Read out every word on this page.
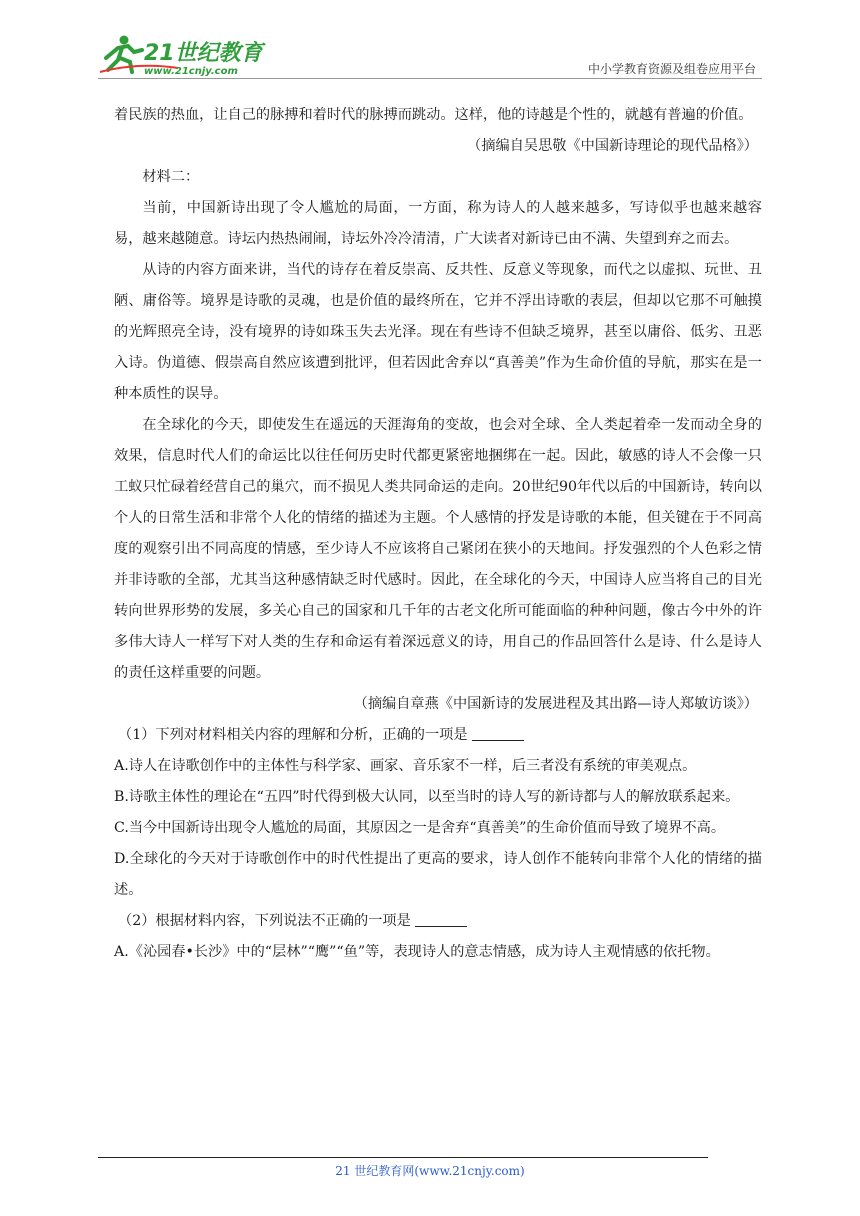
21世纪教育
www.21cnjy.com	中小学教育资源及组卷应用平台

着民族的热血，让自己的脉搏和着时代的脉搏而跳动。这样，他的诗越是个性的，就越有普遍的价值。

（摘编自吴思敬《中国新诗理论的现代品格》）

材料二：

当前，中国新诗出现了令人尴尬的局面，一方面，称为诗人的人越来越多，写诗似乎也越来越容易，越来越随意。诗坛内热热闹闹，诗坛外冷冷清清，广大读者对新诗已由不满、失望到弃之而去。

从诗的内容方面来讲，当代的诗存在着反崇高、反共性、反意义等现象，而代之以虚拟、玩世、丑陋、庸俗等。境界是诗歌的灵魂，也是价值的最终所在，它并不浮出诗歌的表层，但却以它那不可触摸的光辉照亮全诗，没有境界的诗如珠玉失去光泽。现在有些诗不但缺乏境界，甚至以庸俗、低劣、丑恶入诗。伪道德、假崇高自然应该遭到批评，但若因此舍弃以“真善美”作为生命价值的导航，那实在是一种本质性的误导。

在全球化的今天，即使发生在遥远的天涯海角的变故，也会对全球、全人类起着牵一发而动全身的效果，信息时代人们的命运比以往任何历史时代都更紧密地捆绑在一起。因此，敏感的诗人不会像一只工蚁只忙碌着经营自己的巢穴，而不损见人类共同命运的走向。20世纪90年代以后的中国新诗，转向以个人的日常生活和非常个人化的情绪的描述为主题。个人感情的抒发是诗歌的本能，但关键在于不同高度的观察引出不同高度的情感，至少诗人不应该将自己紧闭在狭小的天地间。抒发强烈的个人色彩之情并非诗歌的全部，尤其当这种感情缺乏时代感时。因此，在全球化的今天，中国诗人应当将自己的目光转向世界形势的发展，多关心自己的国家和几千年的古老文化所可能面临的种种问题，像古今中外的许多伟大诗人一样写下对人类的生存和命运有着深远意义的诗，用自己的作品回答什么是诗、什么是诗人的责任这样重要的问题。

（摘编自章燕《中国新诗的发展进程及其出路—诗人郑敏访谈》）

（1）下列对材料相关内容的理解和分析，正确的一项是

A.诗人在诗歌创作中的主体性与科学家、画家、音乐家不一样，后三者没有系统的审美观点。

B.诗歌主体性的理论在“五四”时代得到极大认同，以至当时的诗人写的新诗都与人的解放联系起来。

C.当今中国新诗出现令人尴尬的局面，其原因之一是舍弃“真善美”的生命价值而导致了境界不高。

D.全球化的今天对于诗歌创作中的时代性提出了更高的要求，诗人创作不能转向非常个人化的情绪的描述。

（2）根据材料内容，下列说法不正确的一项是

A.《沁园春•长沙》中的“层林”“鹰”“鱼”等，表现诗人的意志情感，成为诗人主观情感的依托物。

21 世纪教育网(www.21cnjy.com)
